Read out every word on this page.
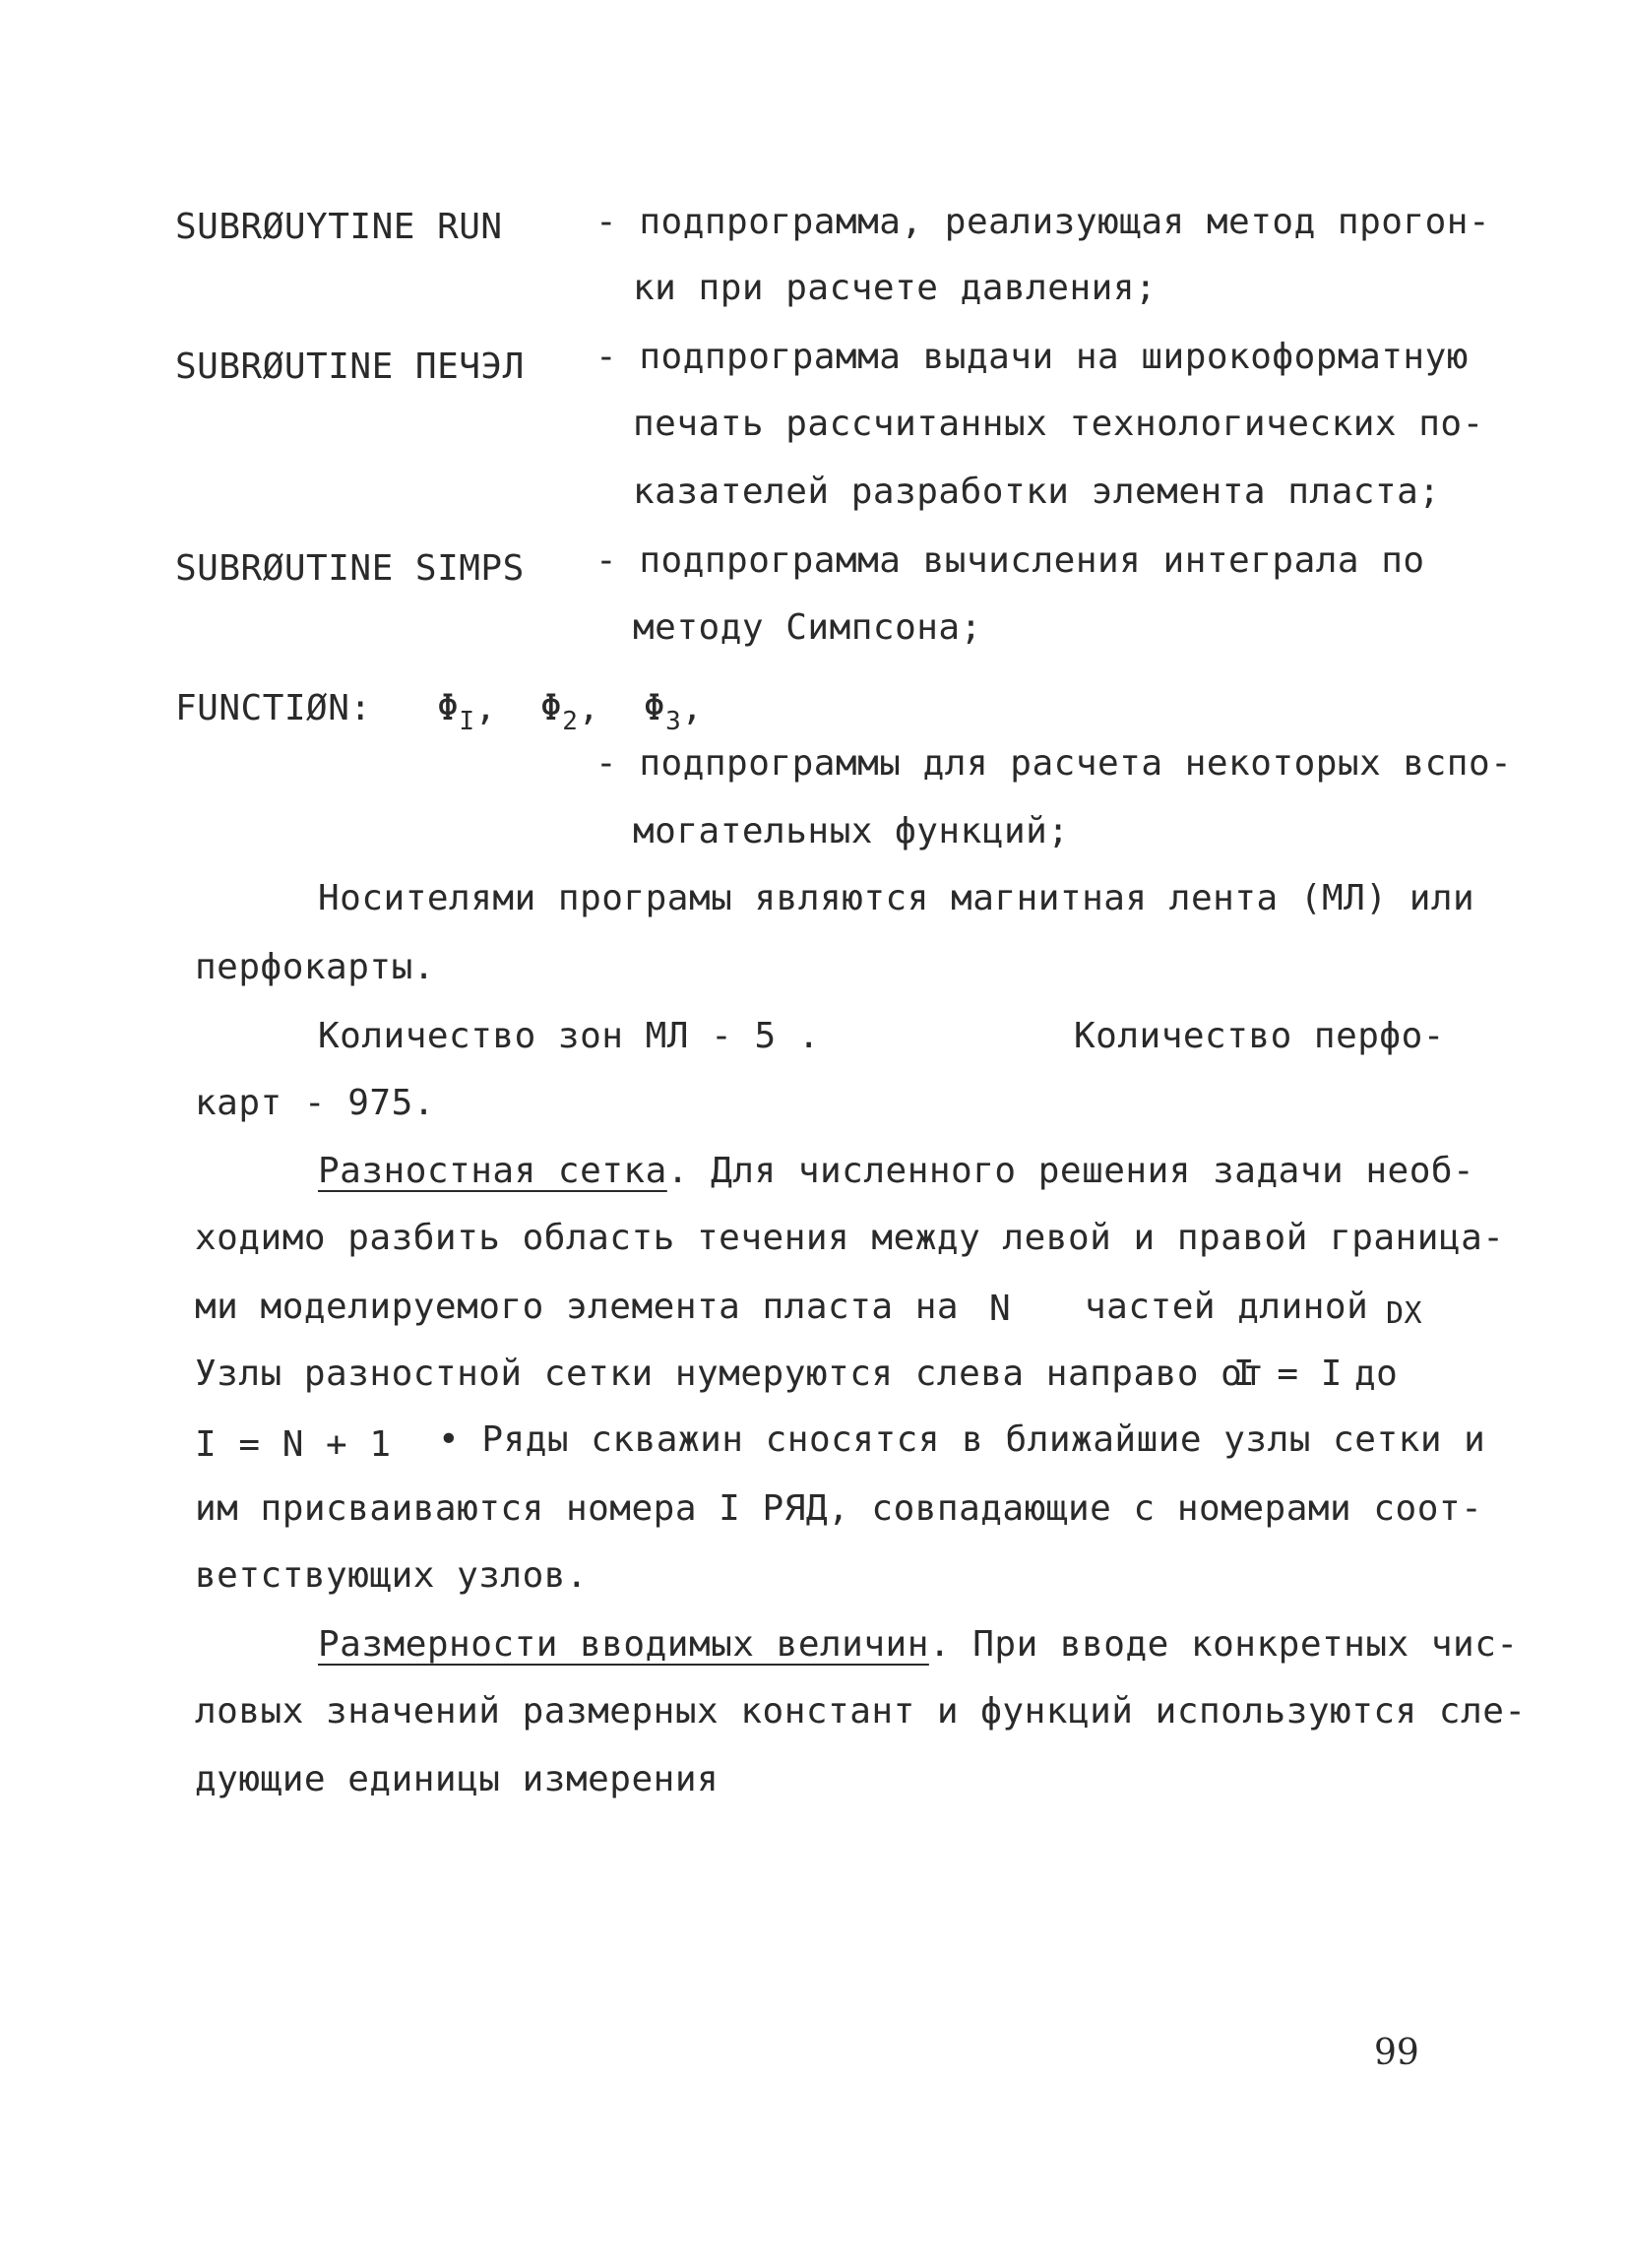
SUBRØUYTINE RUN	- подпрограмма, реализующая метод прогон-
ки при расчете давления;
SUBRØUTINE ПЕЧЭЛ - подпрограмма выдачи на широкоформатную
печать рассчитанных технологических по-
казателей разработки элемента пласта;
SUBRØUTINE SIMPS - подпрограмма вычисления интеграла по
методу Симпсона;
FUNCTIØN: $\Phi_I$,  $\Phi_2$,  $\Phi_3$,
- подпрограммы для расчета некоторых вспо-
могательных функций;
Носителями програмы являются магнитная лента (МЛ) или
перфокарты.
Количество зон МЛ - 5 .	Количество перфо-
карт - 975.
Разностная сетка. Для численного решения задачи необ-
ходимо разбить область течения между левой и правой граница-
ми моделируемого элемента пласта на N частей длиной DX
Узлы разностной сетки нумеруются слева направо от
I = I до
I = N + 1 • Ряды скважин сносятся в ближайшие узлы сетки и
им присваиваются номера I РЯД, совпадающие с номерами соот-
ветствующих узлов.
Размерности вводимых величин. При вводе конкретных чис-
ловых значений размерных констант и функций используются сле-
дующие единицы измерения
99
